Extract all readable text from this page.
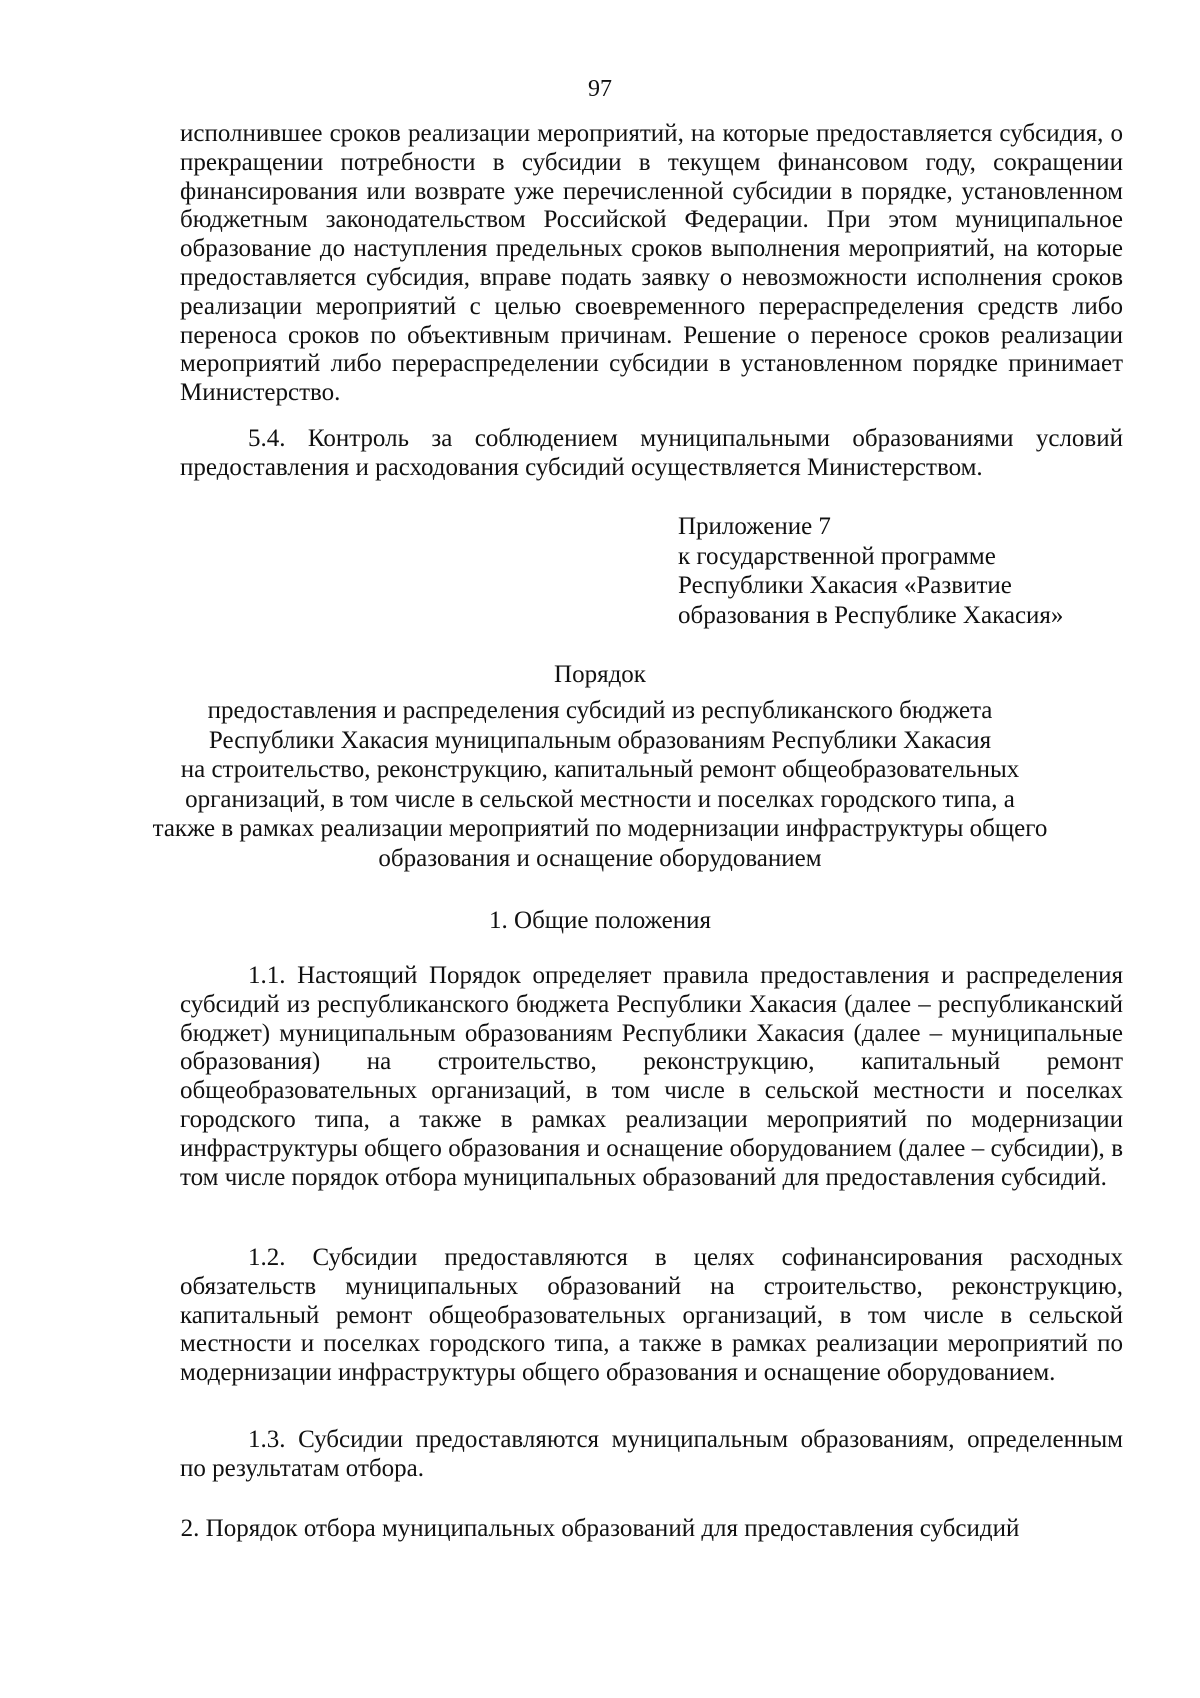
97

исполнившее сроков реализации мероприятий, на которые предоставляется субсидия, о прекращении потребности в субсидии в текущем финансовом году, сокращении финансирования или возврате уже перечисленной субсидии в порядке, установленном бюджетным законодательством Российской Федерации. При этом муниципальное образование до наступления предельных сроков выполнения мероприятий, на которые предоставляется субсидия, вправе подать заявку о невозможности исполнения сроков реализации мероприятий с целью своевременного перераспределения средств либо переноса сроков по объективным причинам. Решение о переносе сроков реализации мероприятий либо перераспределении субсидии в установленном порядке принимает Министерство.

5.4. Контроль за соблюдением муниципальными образованиями условий предоставления и расходования субсидий осуществляется Министерством.

Приложение 7
к государственной программе
Республики Хакасия «Развитие
образования в Республике Хакасия»
Порядок
предоставления и распределения субсидий из республиканского бюджета
Республики Хакасия муниципальным образованиям Республики Хакасия
на строительство, реконструкцию, капитальный ремонт общеобразовательных
организаций, в том числе в сельской местности и поселках городского типа, а
также в рамках реализации мероприятий по модернизации инфраструктуры общего
образования и оснащение оборудованием
1. Общие положения

1.1. Настоящий Порядок определяет правила предоставления и распределения субсидий из республиканского бюджета Республики Хакасия (далее – республиканский бюджет) муниципальным образованиям Республики Хакасия (далее – муниципальные образования) на строительство, реконструкцию, капитальный ремонт общеобразовательных организаций, в том числе в сельской местности и поселках городского типа, а также в рамках реализации мероприятий по модернизации инфраструктуры общего образования и оснащение оборудованием (далее – субсидии), в том числе порядок отбора муниципальных образований для предоставления субсидий.

1.2. Субсидии предоставляются в целях софинансирования расходных обязательств муниципальных образований на строительство, реконструкцию, капитальный ремонт общеобразовательных организаций, в том числе в сельской местности и поселках городского типа, а также в рамках реализации мероприятий по модернизации инфраструктуры общего образования и оснащение оборудованием.

1.3. Субсидии предоставляются муниципальным образованиям, определенным по результатам отбора.

2. Порядок отбора муниципальных образований для предоставления субсидий
